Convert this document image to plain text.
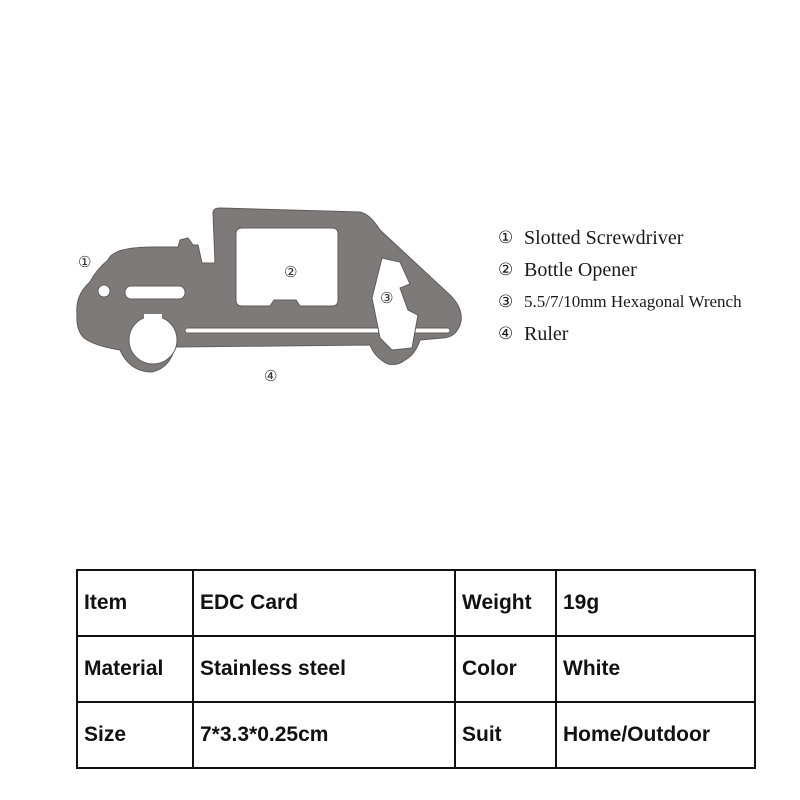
①
②
③
④
① Slotted Screwdriver
② Bottle Opener
③ 5.5/7/10mm Hexagonal Wrench
④ Ruler
Item	EDC Card	Weight	19g
Material	Stainless steel	Color	White
Size	7*3.3*0.25cm	Suit	Home/Outdoor
